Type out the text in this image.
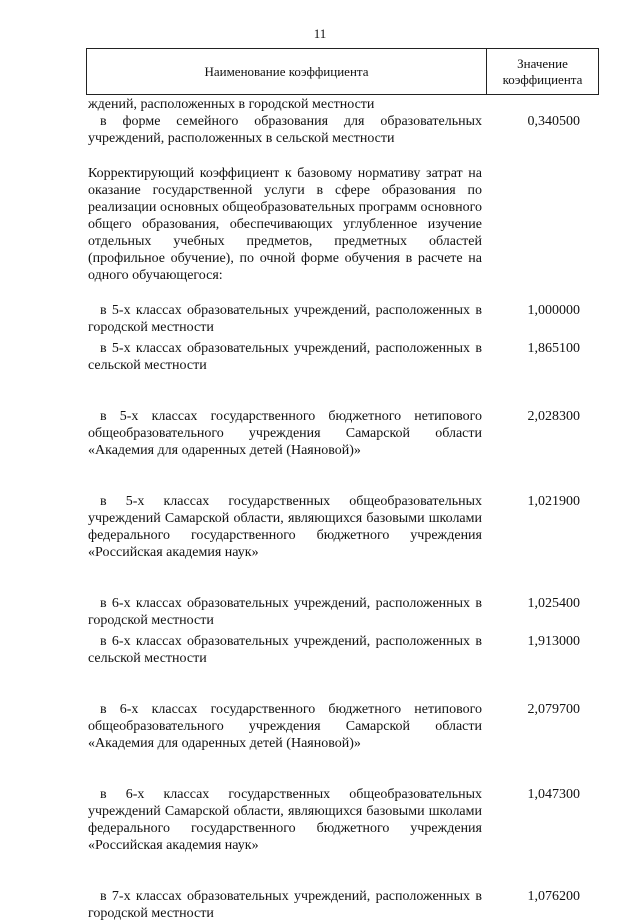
11
Наименование коэффициента
Значение
коэффициента
ждений, расположенных в городской местности
в форме семейного образования для образовательных учреждений, расположенных в сельской местности
0,340500
Корректирующий коэффициент к базовому нормативу затрат на оказание государственной услуги в сфере образования по реализации основных общеобразовательных программ основного общего образования, обеспечивающих углубленное изучение отдельных учебных предметов, предметных областей (профильное обучение), по очной форме обучения в расчете на одного обучающегося:
в 5-х классах образовательных учреждений, расположенных в городской местности
1,000000
в 5-х классах образовательных учреждений, расположенных в сельской местности
1,865100
в 5-х классах государственного бюджетного нетипового общеобразовательного учреждения Самарской области «Академия для одаренных детей (Наяновой)»
2,028300
в 5-х классах государственных общеобразовательных учреждений Самарской области, являющихся базовыми школами федерального государственного бюджетного учреждения «Российская академия наук»
1,021900
в 6-х классах образовательных учреждений, расположенных в городской местности
1,025400
в 6-х классах образовательных учреждений, расположенных в сельской местности
1,913000
в 6-х классах государственного бюджетного нетипового общеобразовательного учреждения Самарской области «Академия для одаренных детей (Наяновой)»
2,079700
в 6-х классах государственных общеобразовательных учреждений Самарской области, являющихся базовыми школами федерального государственного бюджетного учреждения «Российская академия наук»
1,047300
в 7-х классах образовательных учреждений, расположенных в городской местности
1,076200
